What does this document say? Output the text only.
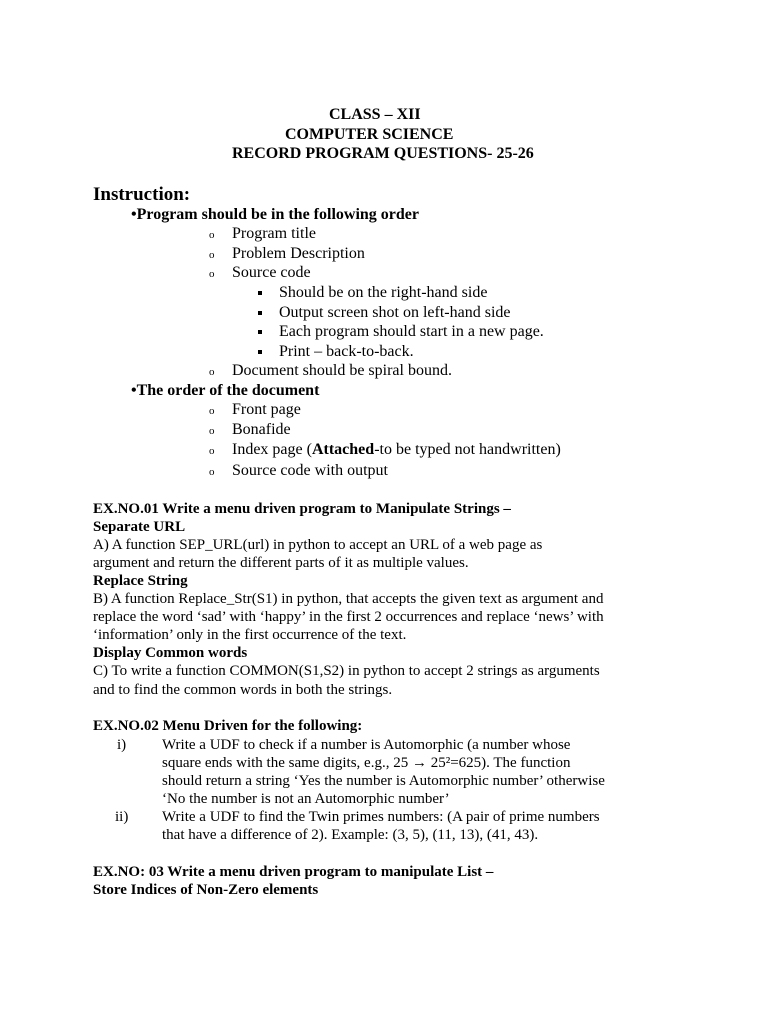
CLASS – XII
COMPUTER SCIENCE
RECORD PROGRAM QUESTIONS- 25-26
Instruction:
•Program should be in the following order
o Program title
o Problem Description
o Source code
Should be on the right-hand side
Output screen shot on left-hand side
Each program should start in a new page.
Print – back-to-back.
o Document should be spiral bound.
•The order of the document
o Front page
o Bonafide
o Index page (Attached-to be typed not handwritten)
o Source code with output
EX.NO.01 Write a menu driven program to Manipulate Strings –
Separate URL
A) A function SEP_URL(url) in python to accept an URL of a web page as
argument and return the different parts of it as multiple values.
Replace String
B) A function Replace_Str(S1) in python, that accepts the given text as argument and
replace the word ‘sad’ with ‘happy’ in the first 2 occurrences and replace ‘news’ with
‘information’ only in the first occurrence of the text.
Display Common words
C) To write a function COMMON(S1,S2) in python to accept 2 strings as arguments
and to find the common words in both the strings.
EX.NO.02 Menu Driven for the following:
i) Write a UDF to check if a number is Automorphic (a number whose
square ends with the same digits, e.g., 25 → 25²=625). The function
should return a string ‘Yes the number is Automorphic number’ otherwise
‘No the number is not an Automorphic number’
ii) Write a UDF to find the Twin primes numbers: (A pair of prime numbers
that have a difference of 2). Example: (3, 5), (11, 13), (41, 43).
EX.NO: 03 Write a menu driven program to manipulate List –
Store Indices of Non-Zero elements
